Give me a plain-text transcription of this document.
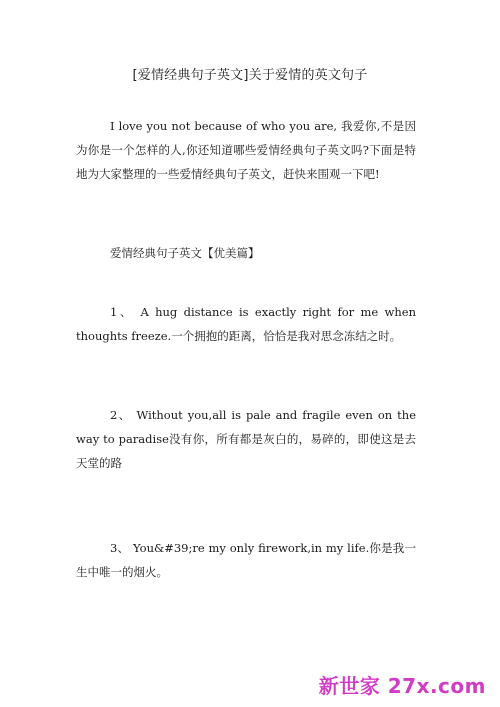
[爱情经典句子英文]关于爱情的英文句子
I love you not because of who you are, 我爱你,不是因为你是一个怎样的人,你还知道哪些爱情经典句子英文吗?下面是特地为大家整理的一些爱情经典句子英文，赶快来围观一下吧!
爱情经典句子英文【优美篇】
1、 A hug distance is exactly right for me when thoughts freeze.一个拥抱的距离，恰恰是我对思念冻结之时。
2、 Without you,all is pale and fragile even on the way to paradise没有你，所有都是灰白的，易碎的，即使这是去天堂的路
3、 You&#39;re my only firework,in my life.你是我一生中唯一的烟火。
新世家 27x.com
